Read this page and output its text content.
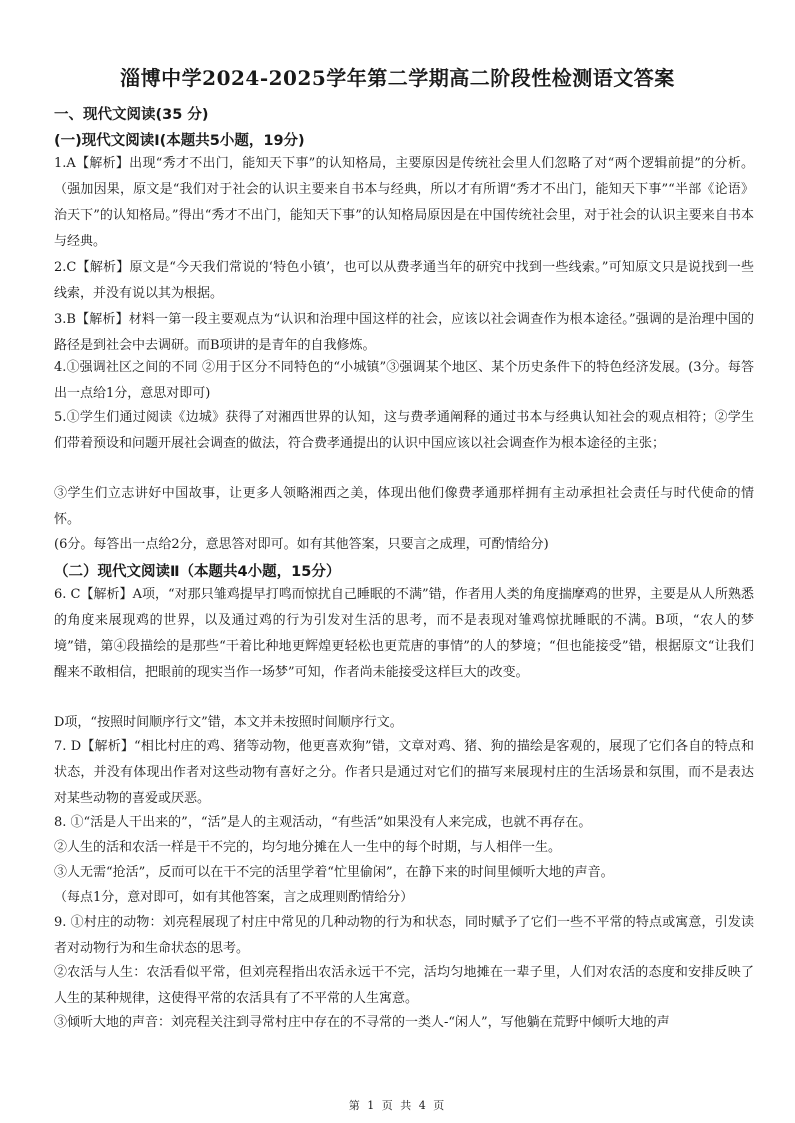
淄博中学2024-2025学年第二学期高二阶段性检测语文答案
一、现代文阅读(35 分)
(一)现代文阅读Ⅰ(本题共5小题，19分)
1.A【解析】出现“秀才不出门，能知天下事”的认知格局，主要原因是传统社会里人们忽略了对“两个逻辑前提”的分析。（强加因果，原文是“我们对于社会的认识主要来自书本与经典，所以才有所谓“秀才不出门，能知天下事”“半部《论语》治天下”的认知格局。”得出“秀才不出门，能知天下事”的认知格局原因是在中国传统社会里，对于社会的认识主要来自书本与经典。
2.C【解析】原文是“今天我们常说的‘特色小镇’，也可以从费孝通当年的研究中找到一些线索。”可知原文只是说找到一些线索，并没有说以其为根据。
3.B【解析】材料一第一段主要观点为“认识和治理中国这样的社会，应该以社会调查作为根本途径。”强调的是治理中国的路径是到社会中去调研。而B项讲的是青年的自我修炼。
4.①强调社区之间的不同 ②用于区分不同特色的“小城镇”③强调某个地区、某个历史条件下的特色经济发展。(3分。每答出一点给1分，意思对即可)
5.①学生们通过阅读《边城》获得了对湘西世界的认知，这与费孝通阐释的通过书本与经典认知社会的观点相符；②学生们带着预设和问题开展社会调查的做法，符合费孝通提出的认识中国应该以社会调查作为根本途径的主张；
③学生们立志讲好中国故事，让更多人领略湘西之美，体现出他们像费孝通那样拥有主动承担社会责任与时代使命的情怀。
(6分。每答出一点给2分，意思答对即可。如有其他答案，只要言之成理，可酌情给分)
（二）现代文阅读Ⅱ（本题共4小题，15分）
6. C【解析】A项，“对那只雏鸡提早打鸣而惊扰自己睡眠的不满”错，作者用人类的角度揣摩鸡的世界，主要是从人所熟悉的角度来展现鸡的世界，以及通过鸡的行为引发对生活的思考，而不是表现对雏鸡惊扰睡眠的不满。B项，“农人的梦境”错，第④段描绘的是那些“干着比种地更辉煌更轻松也更荒唐的事情”的人的梦境；“但也能接受”错，根据原文“让我们醒来不敢相信，把眼前的现实当作一场梦”可知，作者尚未能接受这样巨大的改变。
D项，“按照时间顺序行文”错，本文并未按照时间顺序行文。
7. D【解析】“相比村庄的鸡、猪等动物，他更喜欢狗”错，文章对鸡、猪、狗的描绘是客观的，展现了它们各自的特点和状态，并没有体现出作者对这些动物有喜好之分。作者只是通过对它们的描写来展现村庄的生活场景和氛围，而不是表达对某些动物的喜爱或厌恶。
8. ①“活是人干出来的”，“活”是人的主观活动，“有些活”如果没有人来完成，也就不再存在。
②人生的活和农活一样是干不完的，均匀地分摊在人一生中的每个时期，与人相伴一生。
③人无需“抢活”，反而可以在干不完的活里学着“忙里偷闲”，在静下来的时间里倾听大地的声音。
（每点1分，意对即可，如有其他答案，言之成理则酌情给分）
9. ①村庄的动物：刘亮程展现了村庄中常见的几种动物的行为和状态，同时赋予了它们一些不平常的特点或寓意，引发读者对动物行为和生命状态的思考。
②农活与人生：农活看似平常，但刘亮程指出农活永远干不完，活均匀地摊在一辈子里，人们对农活的态度和安排反映了人生的某种规律，这使得平常的农活具有了不平常的人生寓意。
③倾听大地的声音：刘亮程关注到寻常村庄中存在的不寻常的一类人-“闲人”，写他躺在荒野中倾听大地的声
第 1 页 共 4 页
